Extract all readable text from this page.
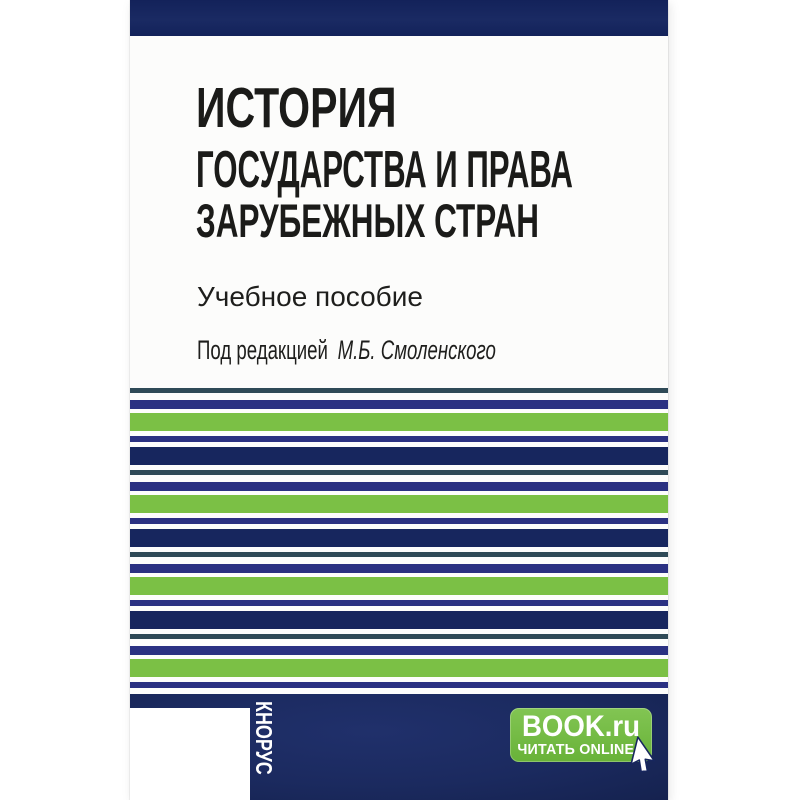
ИСТОРИЯ
ГОСУДАРСТВА И ПРАВА
ЗАРУБЕЖНЫХ СТРАН
Учебное пособие
Под редакцией М.Б. Смоленского
КНОРУС	BOOK.ru
ЧИТАТЬ ONLINE
